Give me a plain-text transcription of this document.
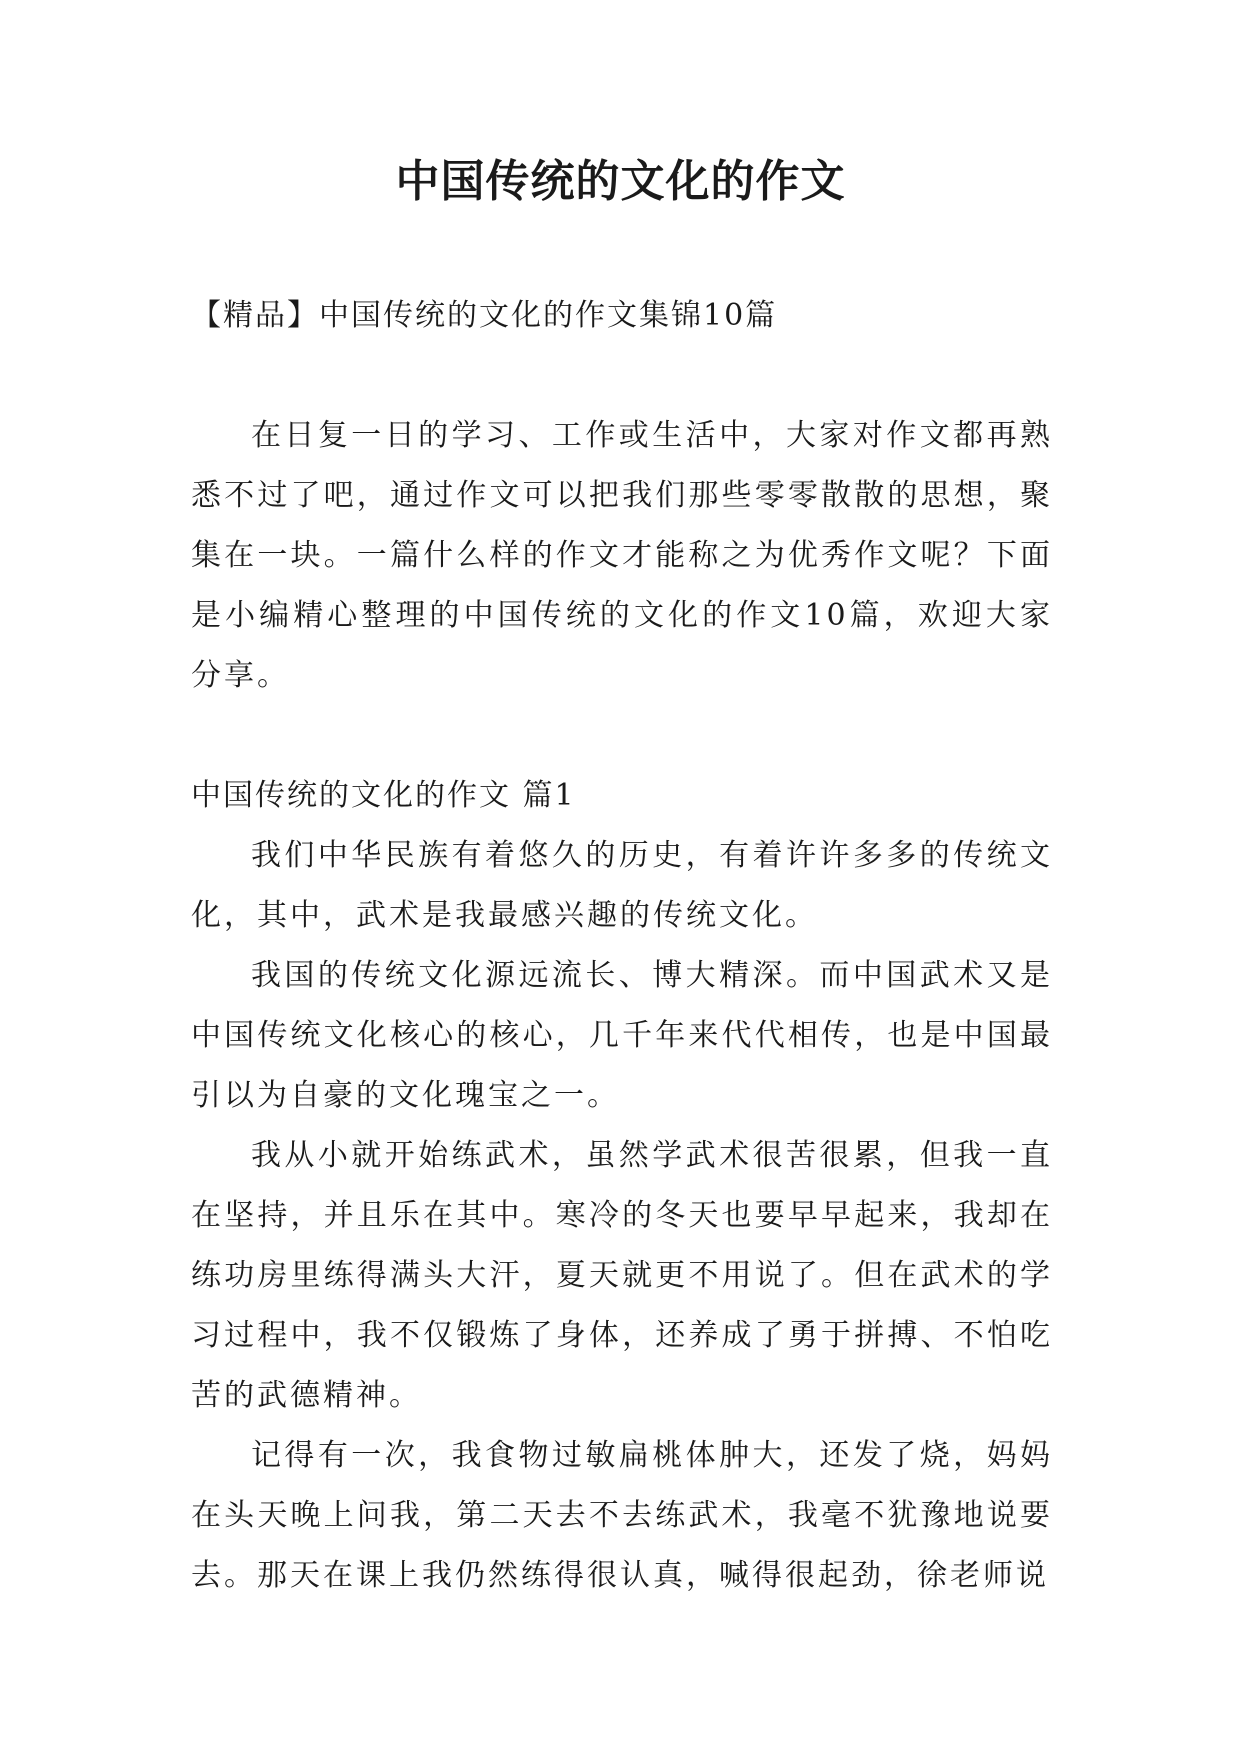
中国传统的文化的作文

【精品】中国传统的文化的作文集锦10篇

在日复一日的学习、工作或生活中，大家对作文都再熟悉不过了吧，通过作文可以把我们那些零零散散的思想，聚集在一块。一篇什么样的作文才能称之为优秀作文呢？下面是小编精心整理的中国传统的文化的作文10篇，欢迎大家分享。

中国传统的文化的作文 篇1

我们中华民族有着悠久的历史，有着许许多多的传统文化，其中，武术是我最感兴趣的传统文化。

我国的传统文化源远流长、博大精深。而中国武术又是中国传统文化核心的核心，几千年来代代相传，也是中国最引以为自豪的文化瑰宝之一。

我从小就开始练武术，虽然学武术很苦很累，但我一直在坚持，并且乐在其中。寒冷的冬天也要早早起来，我却在练功房里练得满头大汗，夏天就更不用说了。但在武术的学习过程中，我不仅锻炼了身体，还养成了勇于拼搏、不怕吃苦的武德精神。

记得有一次，我食物过敏扁桃体肿大，还发了烧，妈妈在头天晚上问我，第二天去不去练武术，我毫不犹豫地说要去。那天在课上我仍然练得很认真，喊得很起劲，徐老师说
